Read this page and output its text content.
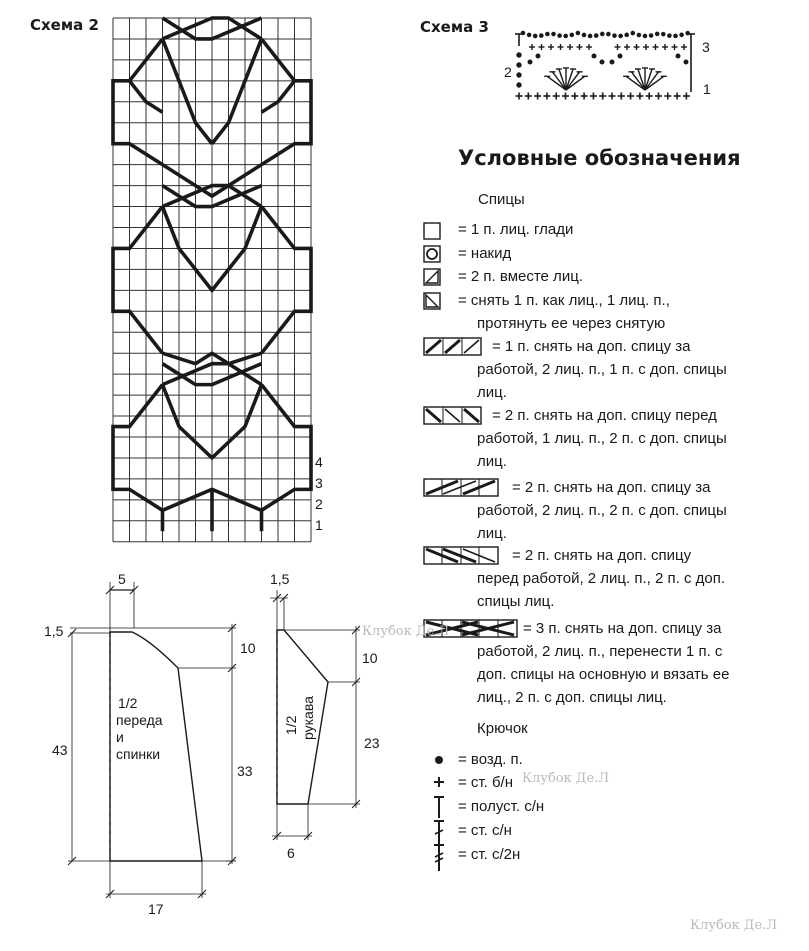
Схема 2	Схема 3
4
3
2
1
3
2
1
5
1,5
10
43
33
17
1/2
переда
и
спинки
1,5
10
23
6
1/2 рукава
Условные обозначения
Спицы
= 1 п. лиц. глади
= накид
= 2 п. вместе лиц.
= снять 1 п. как лиц., 1 лиц. п.,
протянуть ее через снятую
= 1 п. снять на доп. спицу за
работой, 2 лиц. п., 1 п. с доп. спицы
лиц.
= 2 п. снять на доп. спицу перед
работой, 1 лиц. п., 2 п. с доп. спицы
лиц.
= 2 п. снять на доп. спицу за
работой, 2 лиц. п., 2 п. с доп. спицы
лиц.
= 2 п. снять на доп. спицу
перед работой, 2 лиц. п., 2 п. с доп.
спицы лиц.
= 3 п. снять на доп. спицу за
работой, 2 лиц. п., перенести 1 п. с
доп. спицы на основную и вязать ее
лиц., 2 п. с доп. спицы лиц.
Крючок
= возд. п.
= ст. б/н
= полуст. с/н
= ст. с/н
= ст. с/2н
Клубок Де.Л
Клубок Де.Л
Клубок Де.Л
